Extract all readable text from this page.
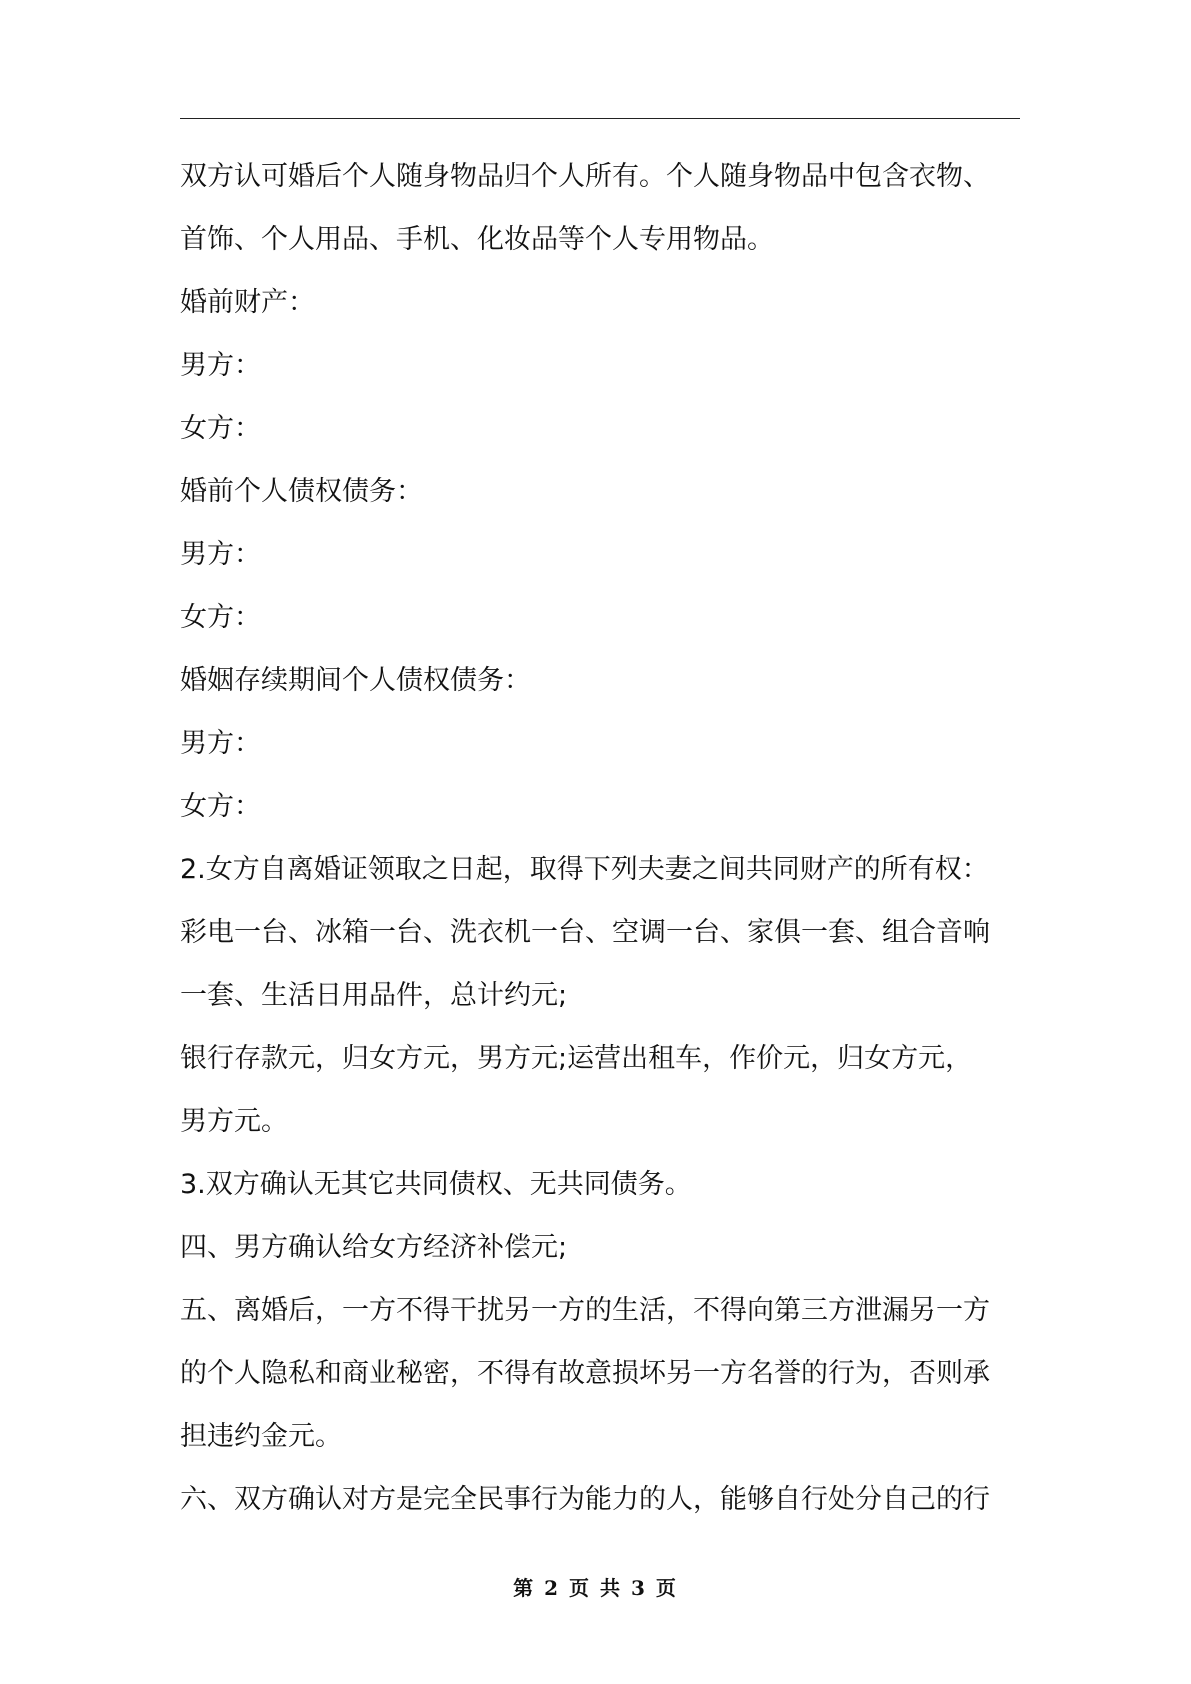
双方认可婚后个人随身物品归个人所有。个人随身物品中包含衣物、
首饰、个人用品、手机、化妆品等个人专用物品。
婚前财产：
男方：
女方：
婚前个人债权债务：
男方：
女方：
婚姻存续期间个人债权债务：
男方：
女方：
2.女方自离婚证领取之日起，取得下列夫妻之间共同财产的所有权：
彩电一台、冰箱一台、洗衣机一台、空调一台、家俱一套、组合音响
一套、生活日用品件，总计约元;
银行存款元，归女方元，男方元;运营出租车，作价元，归女方元，
男方元。
3.双方确认无其它共同债权、无共同债务。
四、男方确认给女方经济补偿元;
五、离婚后，一方不得干扰另一方的生活，不得向第三方泄漏另一方
的个人隐私和商业秘密，不得有故意损坏另一方名誉的行为，否则承
担违约金元。
六、双方确认对方是完全民事行为能力的人，能够自行处分自己的行
第 2 页 共 3 页
